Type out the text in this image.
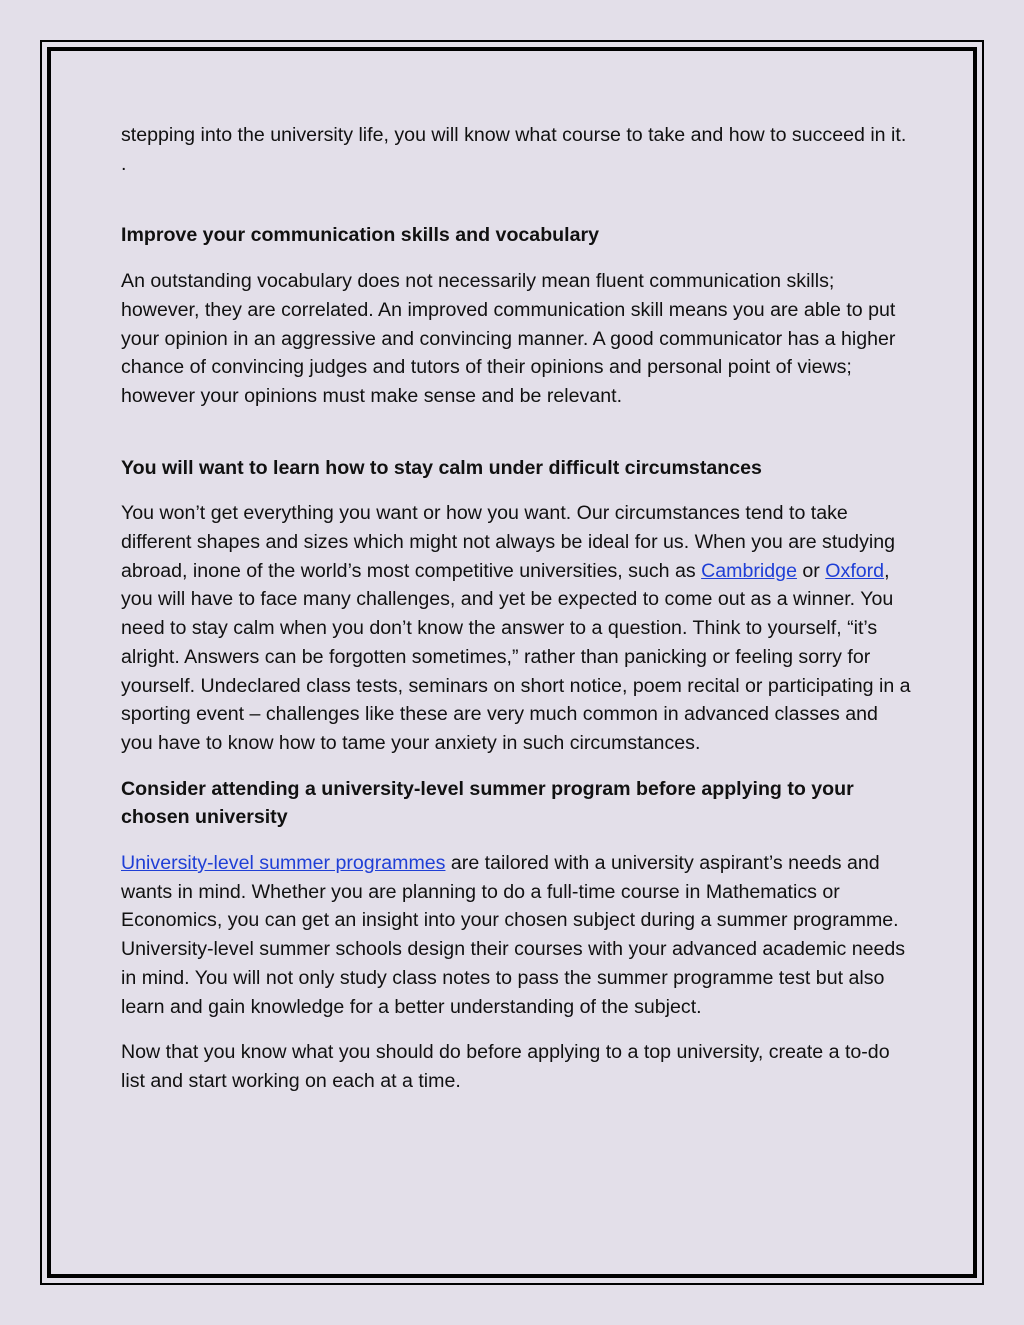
stepping into the university life, you will know what course to take and how to succeed in it. .

Improve your communication skills and vocabulary

An outstanding vocabulary does not necessarily mean fluent communication skills; however, they are correlated. An improved communication skill means you are able to put your opinion in an aggressive and convincing manner. A good communicator has a higher chance of convincing judges and tutors of their opinions and personal point of views; however your opinions must make sense and be relevant.

You will want to learn how to stay calm under difficult circumstances

You won’t get everything you want or how you want. Our circumstances tend to take different shapes and sizes which might not always be ideal for us. When you are studying abroad, inone of the world’s most competitive universities, such as Cambridge or Oxford, you will have to face many challenges, and yet be expected to come out as a winner. You need to stay calm when you don’t know the answer to a question. Think to yourself, “it’s alright. Answers can be forgotten sometimes,” rather than panicking or feeling sorry for yourself. Undeclared class tests, seminars on short notice, poem recital or participating in a sporting event – challenges like these are very much common in advanced classes and you have to know how to tame your anxiety in such circumstances.

Consider attending a university-level summer program before applying to your chosen university

University-level summer programmes are tailored with a university aspirant’s needs and wants in mind. Whether you are planning to do a full-time course in Mathematics or Economics, you can get an insight into your chosen subject during a summer programme. University-level summer schools design their courses with your advanced academic needs in mind. You will not only study class notes to pass the summer programme test but also learn and gain knowledge for a better understanding of the subject.

Now that you know what you should do before applying to a top university, create a to-do list and start working on each at a time.
